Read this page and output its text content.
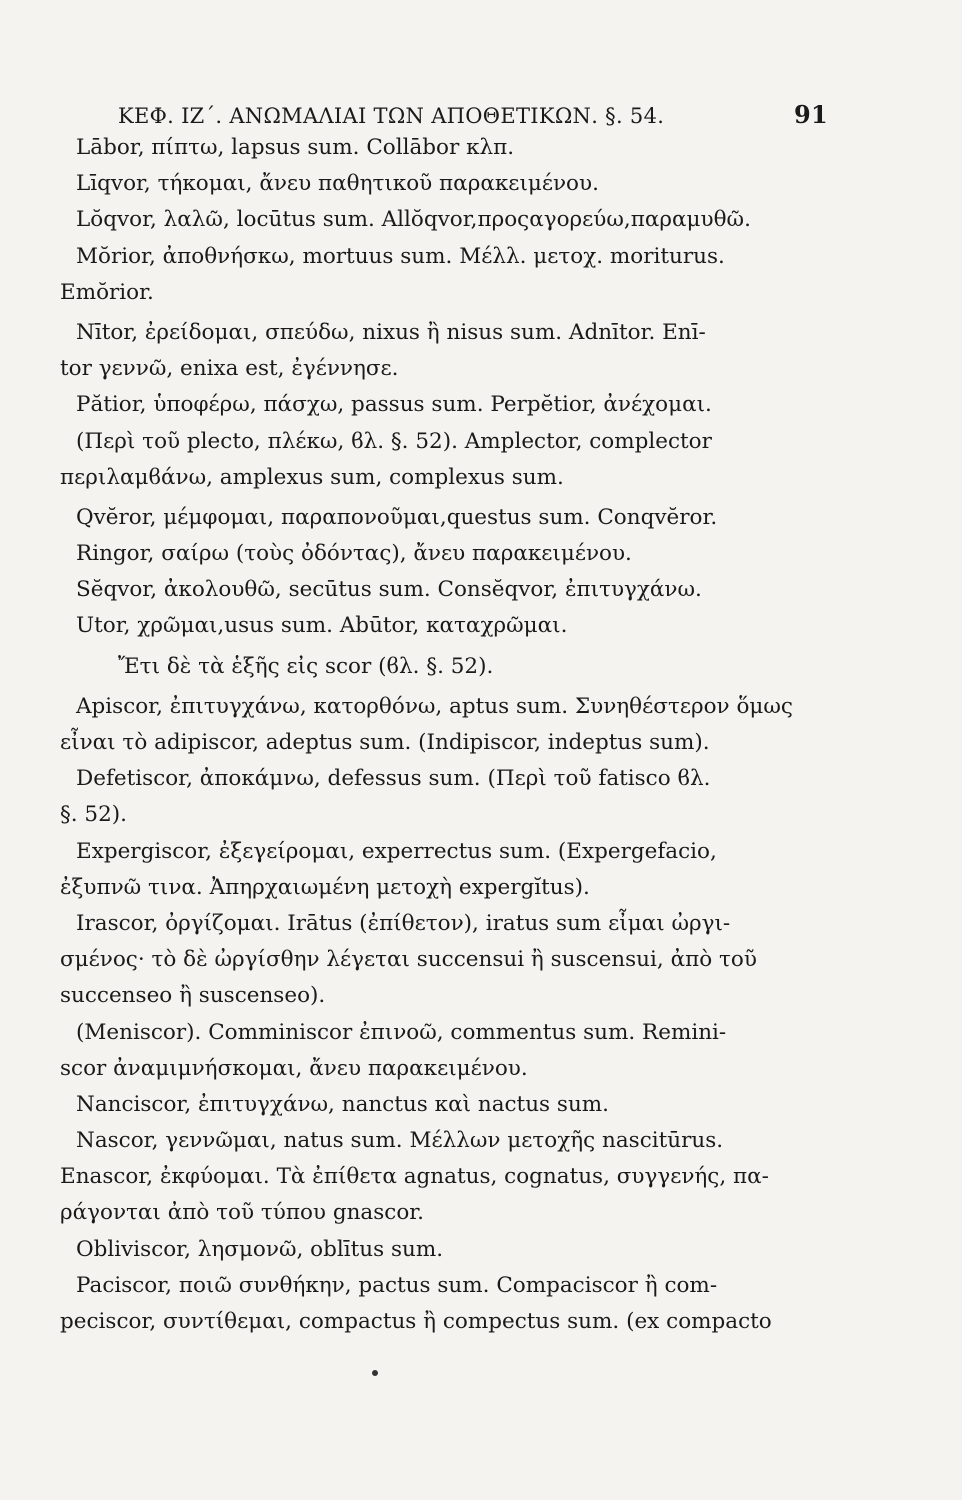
ΚΕΦ. ΙΖ΄. ΑΝΩΜΑΛΙΑΙ ΤΩΝ ΑΠΟΘΕΤΙΚΩΝ. §. 54.	91
Lābor, πίπτω, lapsus sum. Collābor κλπ.
Līqvor, τήκομαι, ἄνευ παθητικοῦ παρακειμένου.
Lŏqvor, λαλῶ, locūtus sum. Allŏqvor,προςαγορεύω,παραμυθῶ.
Mŏrior, ἀποθνήσκω, mortuus sum. Μέλλ. μετοχ. moriturus.
Emŏrior.
Nītor, ἐρείδομαι, σπεύδω, nixus ἢ nisus sum. Adnītor. Enī-
tor γεννῶ, enixa est, ἐγέννησε.
Pătior, ὑποφέρω, πάσχω, passus sum. Perpĕtior, ἀνέχομαι.
(Περὶ τοῦ plecto, πλέκω, ϐλ. §. 52). Amplector, complector
περιλαμϐάνω, amplexus sum, complexus sum.
Qvĕror, μέμφομαι, παραπονοῦμαι,questus sum. Conqvĕror.
Ringor, σαίρω (τοὺς ὀδόντας), ἄνευ παρακειμένου.
Sĕqvor, ἀκολουθῶ, secūtus sum. Consĕqvor, ἐπιτυγχάνω.
Utor, χρῶμαι,usus sum. Abūtor, καταχρῶμαι.
Ἔτι δὲ τὰ ἑξῆς εἰς scor (ϐλ. §. 52).
Apiscor, ἐπιτυγχάνω, κατορθόνω, aptus sum. Συνηθέστερον ὅμως
εἶναι τὸ adipiscor, adeptus sum. (Indipiscor, indeptus sum).
Defetiscor, ἀποκάμνω, defessus sum. (Περὶ τοῦ fatisco ϐλ.
§. 52).
Expergiscor, ἐξεγείρομαι, experrectus sum. (Expergefacio,
ἐξυπνῶ τινα. Ἀπηρχαιωμένη μετοχὴ expergĭtus).
Irascor, ὀργίζομαι. Irātus (ἐπίθετον), iratus sum εἶμαι ὠργι-
σμένος· τὸ δὲ ὠργίσθην λέγεται succensui ἢ suscensui, ἀπὸ τοῦ
succenseo ἢ suscenseo).
(Meniscor). Comminiscor ἐπινοῶ, commentus sum. Remini-
scor ἀναμιμνήσκομαι, ἄνευ παρακειμένου.
Nanciscor, ἐπιτυγχάνω, nanctus καὶ nactus sum.
Nascor, γεννῶμαι, natus sum. Μέλλων μετοχῆς nascitūrus.
Enascor, ἐκφύομαι. Τὰ ἐπίθετα agnatus, cognatus, συγγενής, πα-
ράγονται ἀπὸ τοῦ τύπου gnascor.
Obliviscor, λησμονῶ, oblītus sum.
Paciscor, ποιῶ συνθήκην, pactus sum. Compaciscor ἢ com-
peciscor, συντίθεμαι, compactus ἢ compectus sum. (ex compacto
